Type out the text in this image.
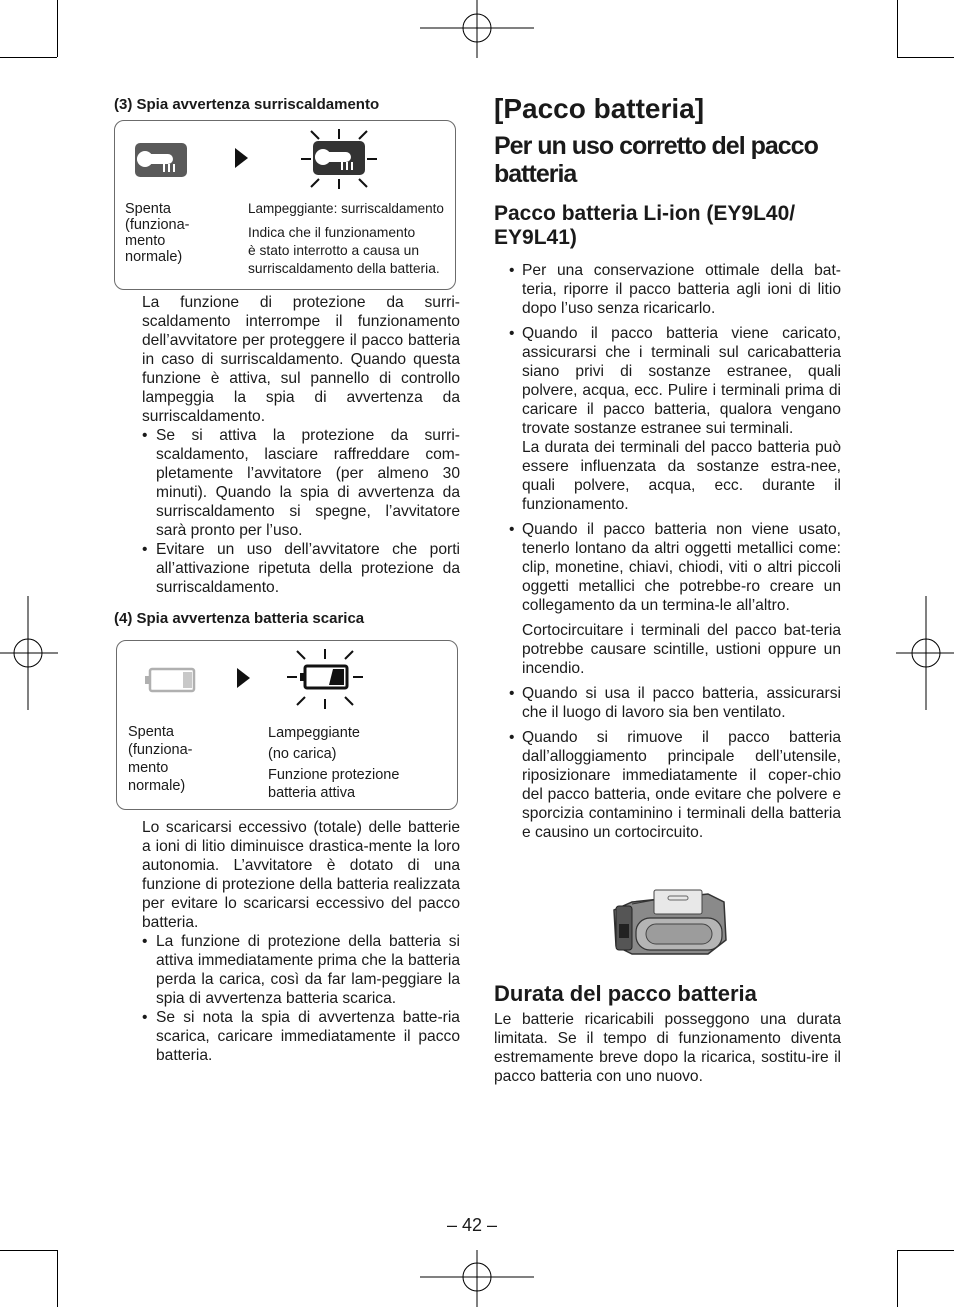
(3) Spia avvertenza surriscaldamento
Spenta
(funziona-
mento
normale)
Lampeggiante: surriscaldamento
Indica che il funzionamento
è stato interrotto a causa un
surriscaldamento della batteria.
La funzione di protezione da surri-scaldamento interrompe il funzionamento dell’avvitatore per proteggere il pacco batteria in caso di surriscaldamento. Quando questa funzione è attiva, sul pannello di controllo lampeggia la spia di avvertenza da surriscaldamento.
• Se si attiva la protezione da surri-scaldamento, lasciare raffreddare com-pletamente l’avvitatore (per almeno 30 minuti). Quando la spia di avvertenza da surriscaldamento si spegne, l’avvitatore sarà pronto per l’uso.
• Evitare un uso dell’avvitatore che porti all’attivazione ripetuta della protezione da surriscaldamento.
(4) Spia avvertenza batteria scarica
Spenta
(funziona-
mento
normale)
Lampeggiante
(no carica)
Funzione protezione
batteria attiva
Lo scaricarsi eccessivo (totale) delle batterie a ioni di litio diminuisce drastica-mente la loro autonomia. L’avvitatore è dotato di una funzione di protezione della batteria realizzata per evitare lo scaricarsi eccessivo del pacco batteria.
• La funzione di protezione della batteria si attiva immediatamente prima che la batteria perda la carica, così da far lam-peggiare la spia di avvertenza batteria scarica.
• Se si nota la spia di avvertenza batte-ria scarica, caricare immediatamente il pacco batteria.
[Pacco batteria]
Per un uso corretto del pacco batteria
Pacco batteria Li-ion (EY9L40/ EY9L41)
• Per una conservazione ottimale della bat-teria, riporre il pacco batteria agli ioni di litio dopo l’uso senza ricaricarlo.
• Quando il pacco batteria viene caricato, assicurarsi che i terminali sul caricabatteria siano privi di sostanze estranee, quali polvere, acqua, ecc. Pulire i terminali prima di caricare il pacco batteria, qualora vengano trovate sostanze estranee sui terminali.
La durata dei terminali del pacco batteria può essere influenzata da sostanze estra-nee, quali polvere, acqua, ecc. durante il funzionamento.
• Quando il pacco batteria non viene usato, tenerlo lontano da altri oggetti metallici come: clip, monetine, chiavi, chiodi, viti o altri piccoli oggetti metallici che potrebbe-ro creare un collegamento da un termina-le all’altro.
Cortocircuitare i terminali del pacco bat-teria potrebbe causare scintille, ustioni oppure un incendio.
• Quando si usa il pacco batteria, assicurarsi che il luogo di lavoro sia ben ventilato.
• Quando si rimuove il pacco batteria dall’alloggiamento principale dell’utensile, riposizionare immediatamente il coper-chio del pacco batteria, onde evitare che polvere e sporcizia contaminino i terminali della batteria e causino un cortocircuito.
Durata del pacco batteria
Le batterie ricaricabili posseggono una durata limitata. Se il tempo di funzionamento diventa estremamente breve dopo la ricarica, sostitu-ire il pacco batteria con uno nuovo.
– 42 –
